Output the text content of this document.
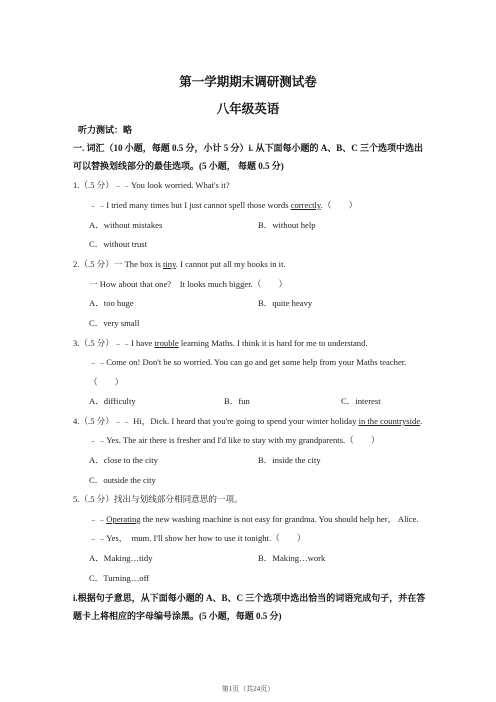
第一学期期末调研测试卷
八年级英语
听力测试：略
一. 词汇（10 小题，每题 0.5 分，小计 5 分）i. 从下面每小题的 A、B、C 三个选项中选出
可以替换划线部分的最佳选项。(5 小题， 每题 0.5 分)
1.（.5 分）﹣﹣You look worried. What's it?
﹣﹣I tried many times but I just cannot spell those words correctly.（　　）
A．without mistakes	B．without help
C．without trust
2.（.5 分）一 The box is tiny. I cannot put all my books in it.
一 How about that one?　It looks much bigger.（　　）
A．too huge	B．quite heavy
C．very small
3.（.5 分）﹣﹣I have trouble learning Maths. I think it is hard for me to understand.
﹣﹣Come on! Don't be so worried. You can go and get some help from your Maths teacher.
（　　）
A．difficulty	B．fun	C．interest
4.（.5 分）﹣﹣ Hi，Dick. I heard that you're going to spend your winter holiday in the countryside.
﹣﹣Yes. The air there is fresher and I'd like to stay with my grandparents.（　　）
A．close to the city	B．inside the city
C．outside the city
5.（.5 分）找出与划线部分相同意思的一项。
﹣﹣Operating the new washing machine is not easy for grandma. You should help her， Alice.
﹣﹣Yes，　mum. I'll show her how to use it tonight.（　　）
A．Making…tidy	B．Making…work
C．Turning…off
i.根据句子意思，从下面每小题的 A、B、C 三个选项中选出恰当的词语完成句子，并在答
题卡上将相应的字母编号涂黑。(5 小题，每题 0.5 分)
第1页（共24页）
